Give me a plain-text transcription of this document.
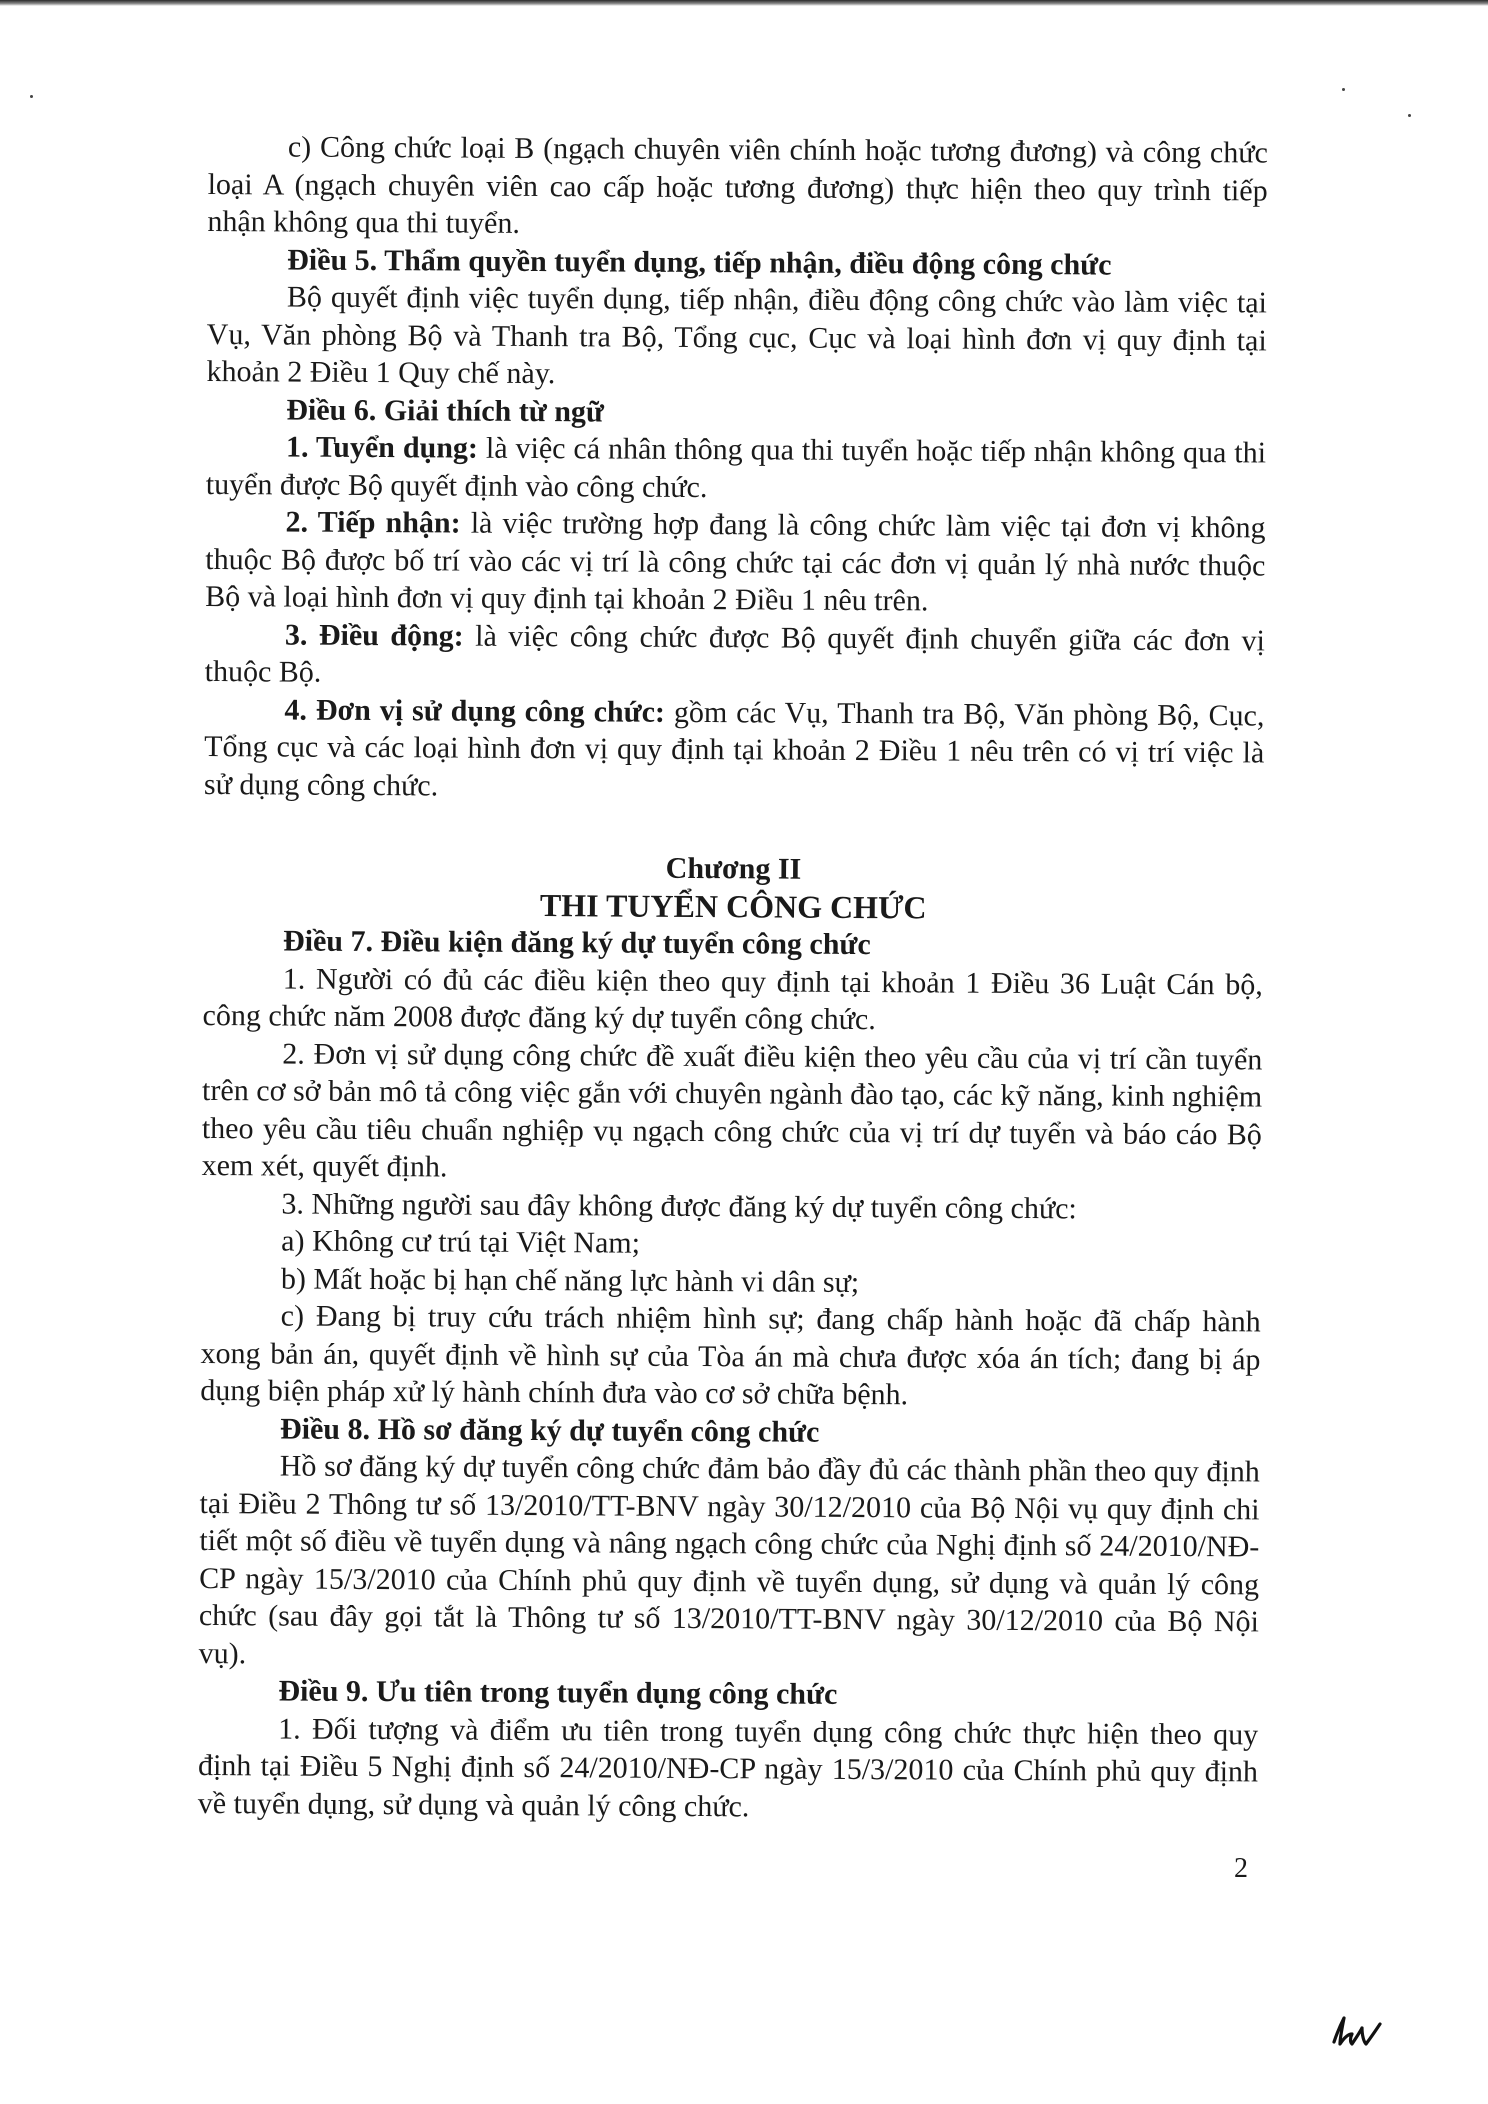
c) Công chức loại B (ngạch chuyên viên chính hoặc tương đương) và công chức loại A (ngạch chuyên viên cao cấp hoặc tương đương) thực hiện theo quy trình tiếp nhận không qua thi tuyển.

Điều 5. Thẩm quyền tuyển dụng, tiếp nhận, điều động công chức

Bộ quyết định việc tuyển dụng, tiếp nhận, điều động công chức vào làm việc tại Vụ, Văn phòng Bộ và Thanh tra Bộ, Tổng cục, Cục và loại hình đơn vị quy định tại khoản 2 Điều 1 Quy chế này.

Điều 6. Giải thích từ ngữ

1. Tuyển dụng: là việc cá nhân thông qua thi tuyển hoặc tiếp nhận không qua thi tuyển được Bộ quyết định vào công chức.

2. Tiếp nhận: là việc trường hợp đang là công chức làm việc tại đơn vị không thuộc Bộ được bố trí vào các vị trí là công chức tại các đơn vị quản lý nhà nước thuộc Bộ và loại hình đơn vị quy định tại khoản 2 Điều 1 nêu trên.

3. Điều động: là việc công chức được Bộ quyết định chuyển giữa các đơn vị thuộc Bộ.

4. Đơn vị sử dụng công chức: gồm các Vụ, Thanh tra Bộ, Văn phòng Bộ, Cục, Tổng cục và các loại hình đơn vị quy định tại khoản 2 Điều 1 nêu trên có vị trí việc là sử dụng công chức.

Chương II

THI TUYỂN CÔNG CHỨC

Điều 7. Điều kiện đăng ký dự tuyển công chức

1. Người có đủ các điều kiện theo quy định tại khoản 1 Điều 36 Luật Cán bộ, công chức năm 2008 được đăng ký dự tuyển công chức.

2. Đơn vị sử dụng công chức đề xuất điều kiện theo yêu cầu của vị trí cần tuyển trên cơ sở bản mô tả công việc gắn với chuyên ngành đào tạo, các kỹ năng, kinh nghiệm theo yêu cầu tiêu chuẩn nghiệp vụ ngạch công chức của vị trí dự tuyển và báo cáo Bộ xem xét, quyết định.

3. Những người sau đây không được đăng ký dự tuyển công chức:

a) Không cư trú tại Việt Nam;

b) Mất hoặc bị hạn chế năng lực hành vi dân sự;

c) Đang bị truy cứu trách nhiệm hình sự; đang chấp hành hoặc đã chấp hành xong bản án, quyết định về hình sự của Tòa án mà chưa được xóa án tích; đang bị áp dụng biện pháp xử lý hành chính đưa vào cơ sở chữa bệnh.

Điều 8. Hồ sơ đăng ký dự tuyển công chức

Hồ sơ đăng ký dự tuyển công chức đảm bảo đầy đủ các thành phần theo quy định tại Điều 2 Thông tư số 13/2010/TT-BNV ngày 30/12/2010 của Bộ Nội vụ quy định chi tiết một số điều về tuyển dụng và nâng ngạch công chức của Nghị định số 24/2010/NĐ-CP ngày 15/3/2010 của Chính phủ quy định về tuyển dụng, sử dụng và quản lý công chức (sau đây gọi tắt là Thông tư số 13/2010/TT-BNV ngày 30/12/2010 của Bộ Nội vụ).

Điều 9. Ưu tiên trong tuyển dụng công chức

1. Đối tượng và điểm ưu tiên trong tuyển dụng công chức thực hiện theo quy định tại Điều 5 Nghị định số 24/2010/NĐ-CP ngày 15/3/2010 của Chính phủ quy định về tuyển dụng, sử dụng và quản lý công chức.

2
